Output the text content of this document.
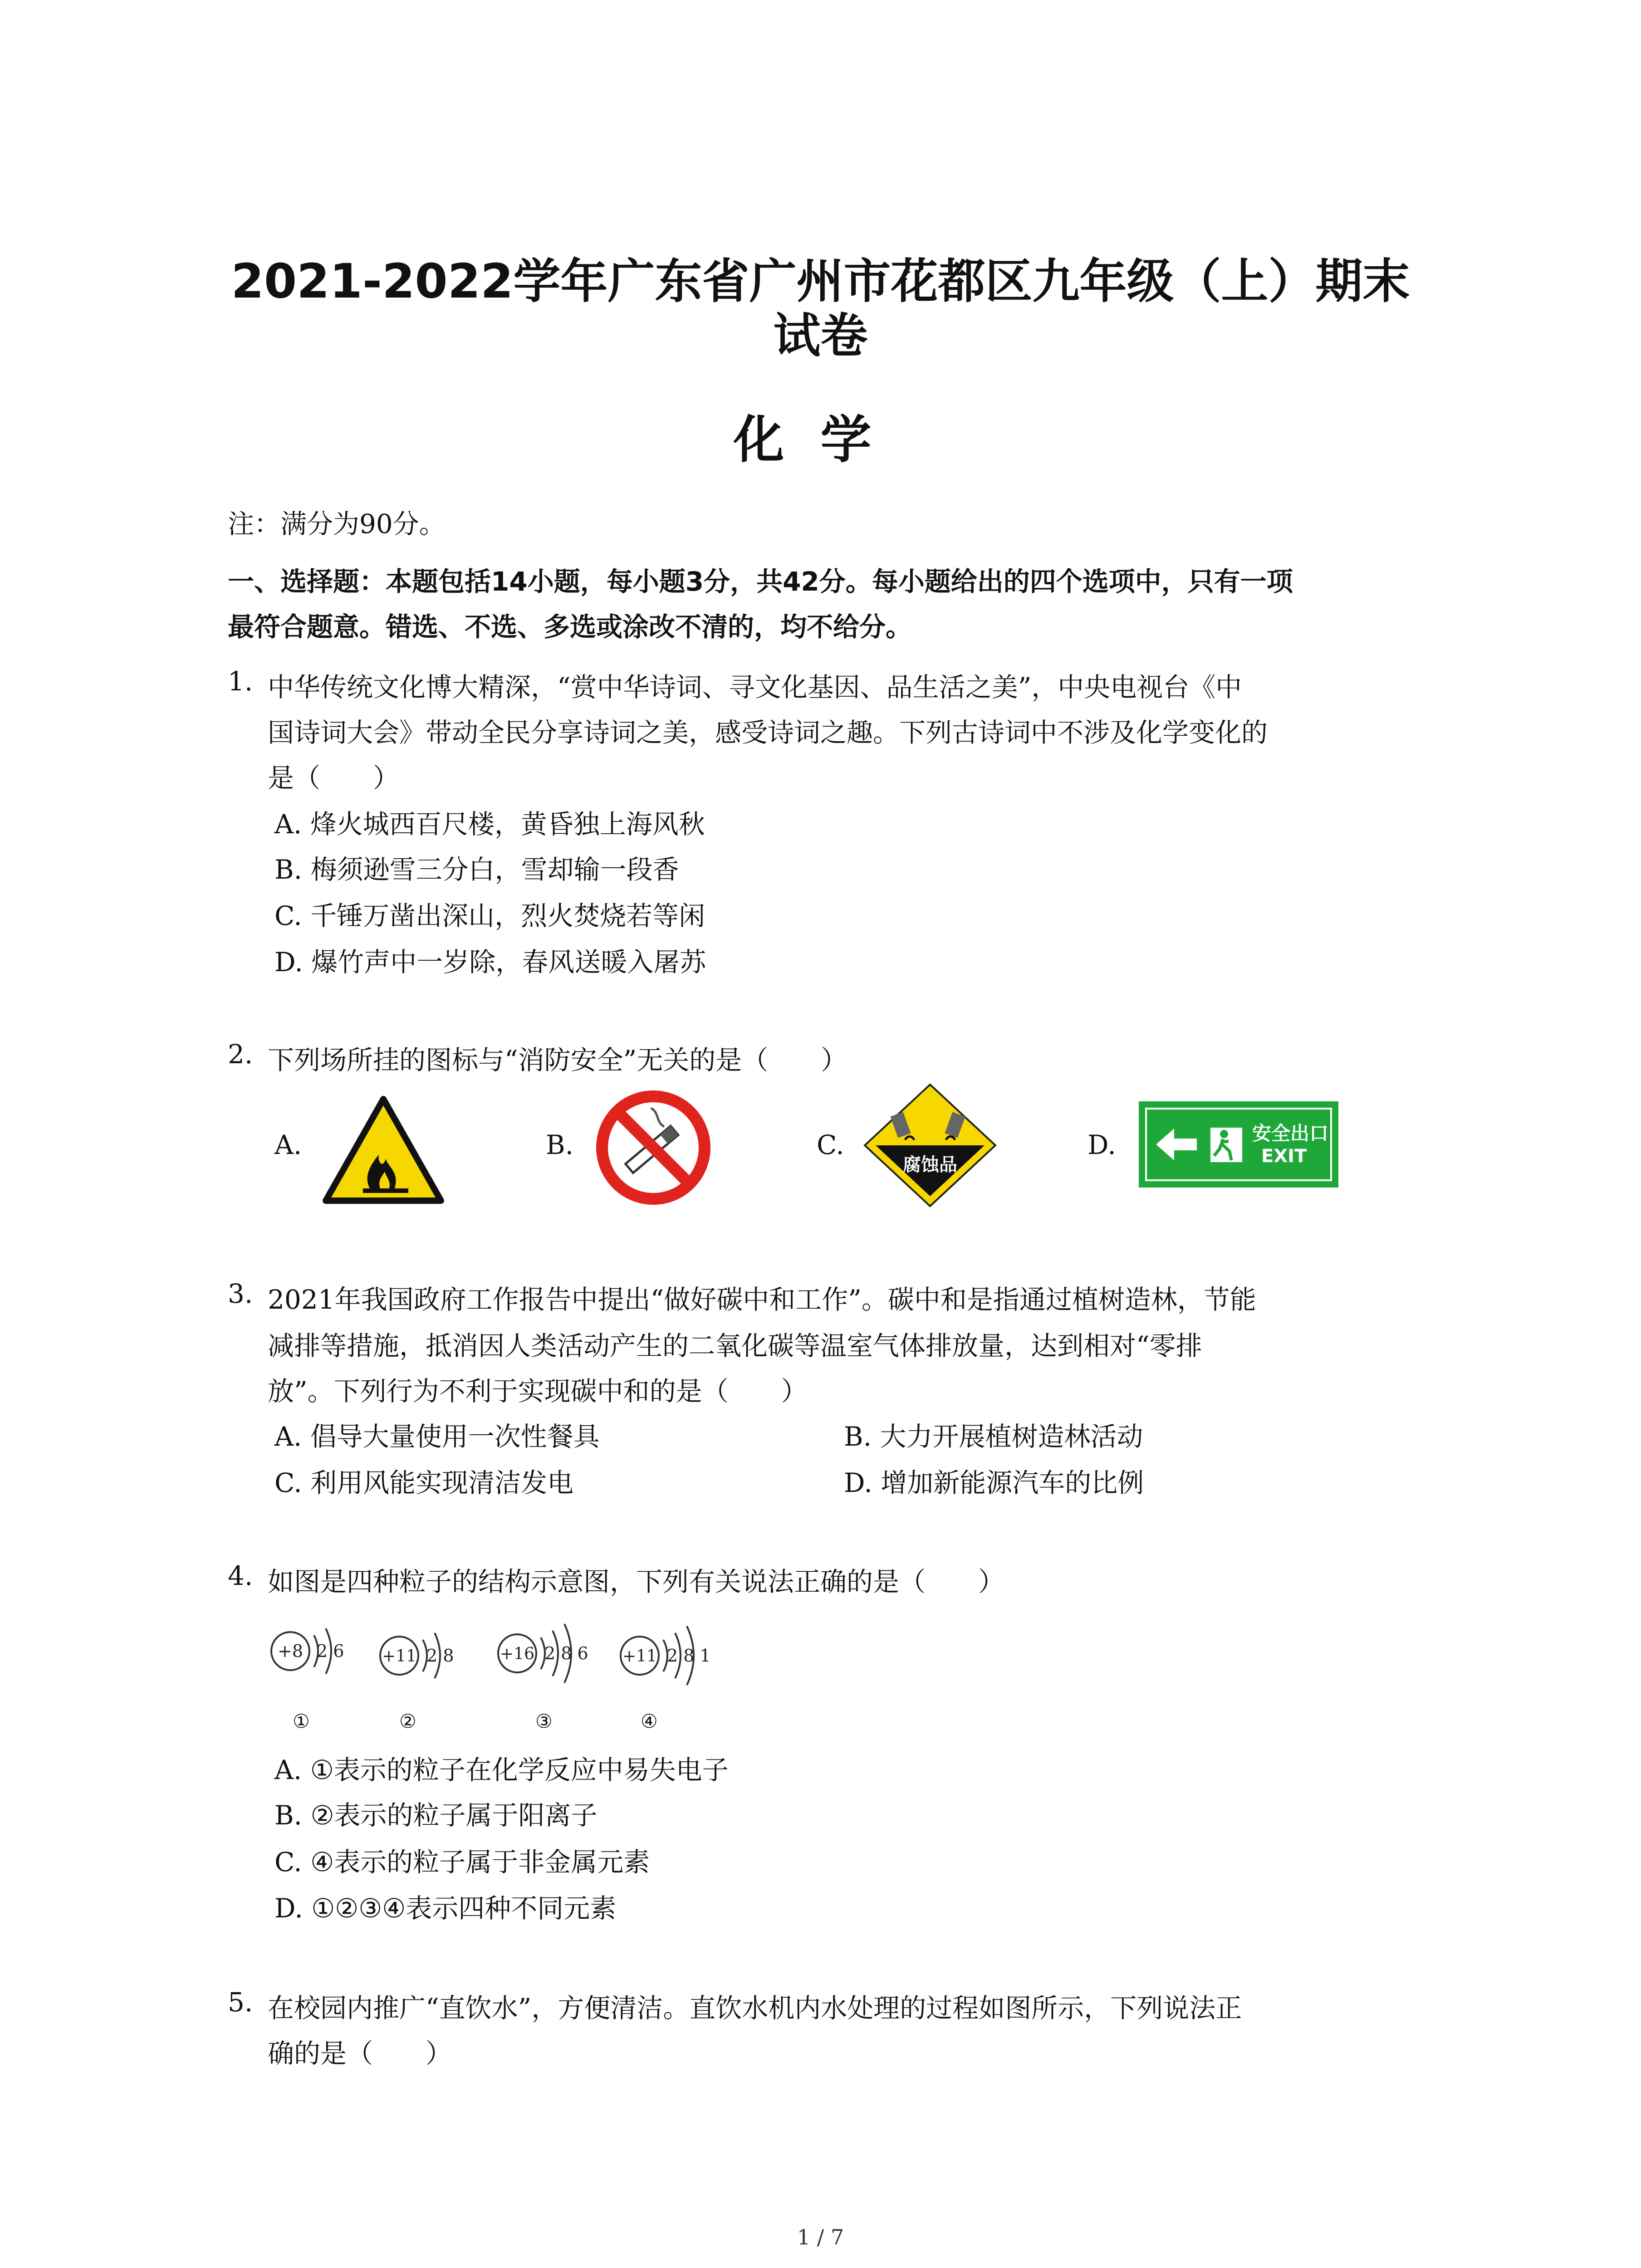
2021-2022学年广东省广州市花都区九年级（上）期末
试卷
化学
注：满分为90分。
一、选择题：本题包括14小题，每小题3分，共42分。每小题给出的四个选项中，只有一项
最符合题意。错选、不选、多选或涂改不清的，均不给分。
1. 中华传统文化博大精深，“赏中华诗词、寻文化基因、品生活之美”，中央电视台《中
国诗词大会》带动全民分享诗词之美，感受诗词之趣。下列古诗词中不涉及化学变化的
是（　　）
A. 烽火城西百尺楼，黄昏独上海风秋
B. 梅须逊雪三分白，雪却输一段香
C. 千锤万凿出深山，烈火焚烧若等闲
D. 爆竹声中一岁除，春风送暖入屠苏
2. 下列场所挂的图标与“消防安全”无关的是（　　）
A.	B.	C.	D.
腐蚀品
安全出口
EXIT
3. 2021年我国政府工作报告中提出“做好碳中和工作”。碳中和是指通过植树造林，节能
减排等措施，抵消因人类活动产生的二氧化碳等温室气体排放量，达到相对“零排
放”。下列行为不利于实现碳中和的是（　　）
A. 倡导大量使用一次性餐具	B. 大力开展植树造林活动
C. 利用风能实现清洁发电	D. 增加新能源汽车的比例
4. 如图是四种粒子的结构示意图，下列有关说法正确的是（　　）
+8 2 6 +11 2 8	+16 2 8 6 +11 2 8 1
①	②	③	④
A. ①表示的粒子在化学反应中易失电子
B. ②表示的粒子属于阳离子
C. ④表示的粒子属于非金属元素
D. ①②③④表示四种不同元素
5. 在校园内推广“直饮水”，方便清洁。直饮水机内水处理的过程如图所示，下列说法正
确的是（　　）
1 / 7
